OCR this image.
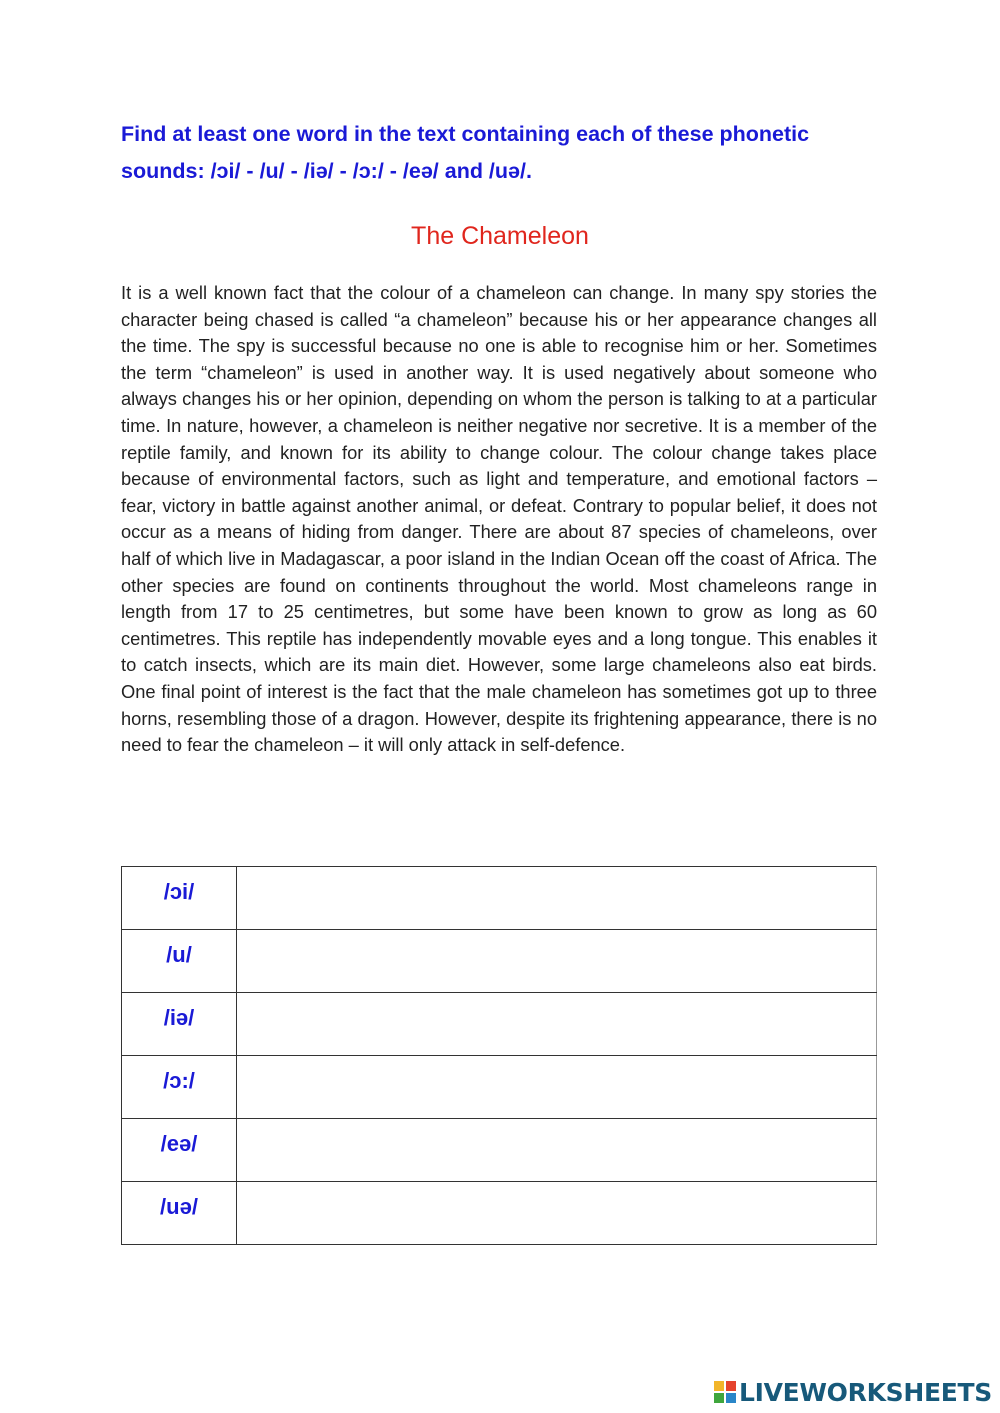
Find at least one word in the text containing each of these phonetic sounds: /ɔi/ - /u/ - /iə/ - /ɔ:/ - /eə/ and /uə/.

The Chameleon

It is a well known fact that the colour of a chameleon can change. In many spy stories the character being chased is called “a chameleon” because his or her appearance changes all the time. The spy is successful because no one is able to recognise him or her. Sometimes the term “chameleon” is used in another way. It is used negatively about someone who always changes his or her opinion, depending on whom the person is talking to at a particular time. In nature, however, a chameleon is neither negative nor secretive. It is a member of the reptile family, and known for its ability to change colour. The colour change takes place because of environmental factors, such as light and temperature, and emotional factors – fear, victory in battle against another animal, or defeat. Contrary to popular belief, it does not occur as a means of hiding from danger. There are about 87 species of chameleons, over half of which live in Madagascar, a poor island in the Indian Ocean off the coast of Africa. The other species are found on continents throughout the world. Most chameleons range in length from 17 to 25 centimetres, but some have been known to grow as long as 60 centimetres. This reptile has independently movable eyes and a long tongue. This enables it to catch insects, which are its main diet. However, some large chameleons also eat birds. One final point of interest is the fact that the male chameleon has sometimes got up to three horns, resembling those of a dragon. However, despite its frightening appearance, there is no need to fear the chameleon – it will only attack in self-defence.

/ɔi/	
/u/	
/iə/	
/ɔ:/	
/eə/	
/uə/	
LIVEWORKSHEETS
